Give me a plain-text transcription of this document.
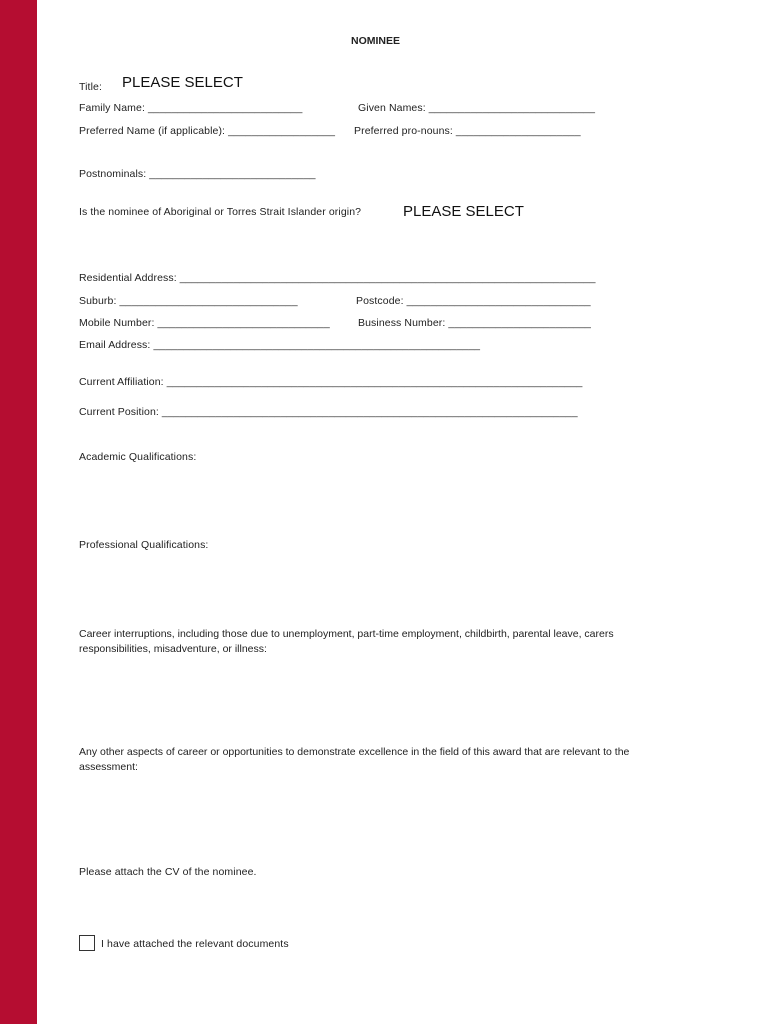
NOMINEE
Title: PLEASE SELECT
Family Name: __________________________	Given Names: ____________________________
Preferred Name (if applicable): __________________ Preferred pro-nouns: _____________________
Postnominals: ____________________________
Is the nominee of Aboriginal or Torres Strait Islander origin?	PLEASE SELECT
Residential Address: ______________________________________________________________________
Suburb: ______________________________	Postcode: _______________________________
Mobile Number: _____________________________	Business Number: ________________________
Email Address: _______________________________________________________
Current Affiliation: ______________________________________________________________________
Current Position: ______________________________________________________________________
Academic Qualifications:
Professional Qualifications:
Career interruptions, including those due to unemployment, part-time employment, childbirth, parental leave, carers responsibilities, misadventure, or illness:
Any other aspects of career or opportunities to demonstrate excellence in the field of this award that are relevant to the assessment:
Please attach the CV of the nominee.
I have attached the relevant documents
